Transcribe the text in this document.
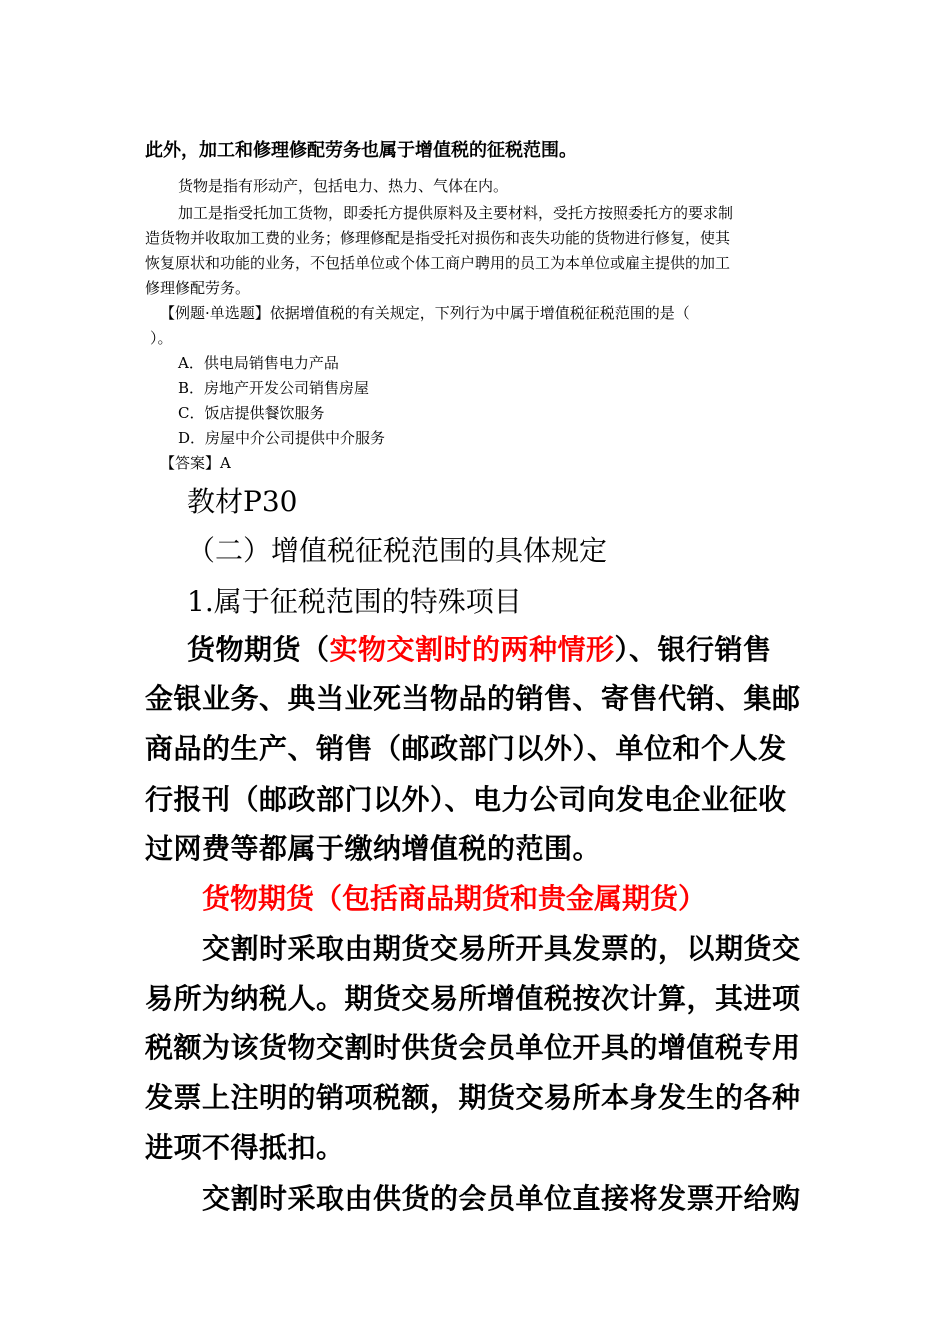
此外，加工和修理修配劳务也属于增值税的征税范围。
货物是指有形动产，包括电力、热力、气体在内。
加工是指受托加工货物，即委托方提供原料及主要材料，受托方按照委托方的要求制
造货物并收取加工费的业务；修理修配是指受托对损伤和丧失功能的货物进行修复，使其
恢复原状和功能的业务，不包括单位或个体工商户聘用的员工为本单位或雇主提供的加工
修理修配劳务。
【例题·单选题】依据增值税的有关规定，下列行为中属于增值税征税范围的是（
）。
A．供电局销售电力产品
B．房地产开发公司销售房屋
C．饭店提供餐饮服务
D．房屋中介公司提供中介服务
【答案】A
教材P30
（二）增值税征税范围的具体规定
1.属于征税范围的特殊项目
货物期货（实物交割时的两种情形）、银行销售
金银业务、典当业死当物品的销售、寄售代销、集邮
商品的生产、销售（邮政部门以外）、单位和个人发
行报刊（邮政部门以外）、电力公司向发电企业征收
过网费等都属于缴纳增值税的范围。
货物期货（包括商品期货和贵金属期货）
交割时采取由期货交易所开具发票的，以期货交
易所为纳税人。期货交易所增值税按次计算，其进项
税额为该货物交割时供货会员单位开具的增值税专用
发票上注明的销项税额，期货交易所本身发生的各种
进项不得抵扣。
交割时采取由供货的会员单位直接将发票开给购
